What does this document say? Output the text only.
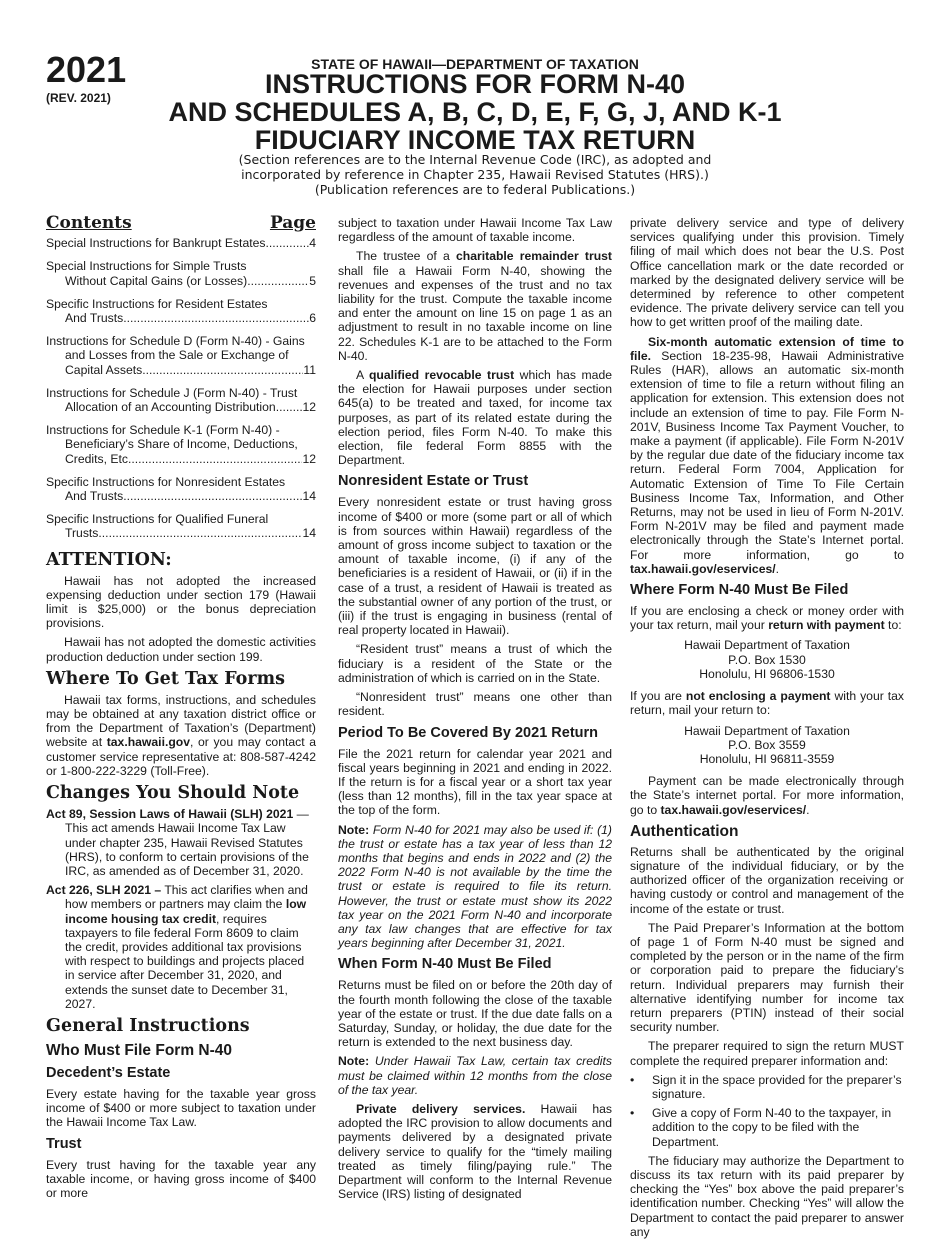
2021
(REV. 2021)
STATE OF HAWAII—DEPARTMENT OF TAXATION
INSTRUCTIONS FOR FORM N-40
AND SCHEDULES A, B, C, D, E, F, G, J, AND K-1
FIDUCIARY INCOME TAX RETURN
(Section references are to the Internal Revenue Code (IRC), as adopted and
incorporated by reference in Chapter 235, Hawaii Revised Statutes (HRS).)
(Publication references are to federal Publications.)
Contents	Page
Special Instructions for Bankrupt Estates .....	4
Special Instructions for Simple Trusts
Without Capital Gains (or Losses) .....	5
Specific Instructions for Resident Estates
And Trusts .....	6
Instructions for Schedule D (Form N-40) - Gains
and Losses from the Sale or Exchange of
Capital Assets .....	11
Instructions for Schedule J (Form N-40) - Trust
Allocation of an Accounting Distribution ..... 12
Instructions for Schedule K-1 (Form N-40) -
Beneficiary’s Share of Income, Deductions,
Credits, Etc. .....	12
Specific Instructions for Nonresident Estates
And Trusts .....	14
Specific Instructions for Qualified Funeral
Trusts .....	14
ATTENTION:

Hawaii has not adopted the increased expensing deduction under section 179 (Hawaii limit is $25,000) or the bonus depreciation provisions.

Hawaii has not adopted the domestic activities production deduction under section 199.

Where To Get Tax Forms

Hawaii tax forms, instructions, and schedules may be obtained at any taxation district office or from the Department of Taxation’s (Department) website at tax.hawaii.gov, or you may contact a customer service representative at: 808-587-4242 or 1-800-222-3229 (Toll-Free).

Changes You Should Note

Act 89, Session Laws of Hawaii (SLH) 2021 — This act amends Hawaii Income Tax Law under chapter 235, Hawaii Revised Statutes (HRS), to conform to certain provisions of the IRC, as amended as of December 31, 2020.

Act 226, SLH 2021 – This act clarifies when and how members or partners may claim the low income housing tax credit, requires taxpayers to file federal Form 8609 to claim the credit, provides additional tax provisions with respect to buildings and projects placed in service after December 31, 2020, and extends the sunset date to December 31, 2027.

General Instructions
Who Must File Form N-40
Decedent’s Estate

Every estate having for the taxable year gross income of $400 or more subject to taxation under the Hawaii Income Tax Law.

Trust

Every trust having for the taxable year any taxable income, or having gross income of $400 or more

subject to taxation under Hawaii Income Tax Law regardless of the amount of taxable income.

The trustee of a charitable remainder trust shall file a Hawaii Form N-40, showing the revenues and expenses of the trust and no tax liability for the trust. Compute the taxable income and enter the amount on line 15 on page 1 as an adjustment to result in no taxable income on line 22. Schedules K-1 are to be attached to the Form N-40.

A qualified revocable trust which has made the election for Hawaii purposes under section 645(a) to be treated and taxed, for income tax purposes, as part of its related estate during the election period, files Form N-40. To make this election, file federal Form 8855 with the Department.

Nonresident Estate or Trust

Every nonresident estate or trust having gross income of $400 or more (some part or all of which is from sources within Hawaii) regardless of the amount of gross income subject to taxation or the amount of taxable income, (i) if any of the beneficiaries is a resident of Hawaii, or (ii) if in the case of a trust, a resident of Hawaii is treated as the substantial owner of any portion of the trust, or (iii) if the trust is engaging in business (rental of real property located in Hawaii).

“Resident trust” means a trust of which the fiduciary is a resident of the State or the administration of which is carried on in the State.

“Nonresident trust” means one other than resident.

Period To Be Covered By 2021 Return

File the 2021 return for calendar year 2021 and fiscal years beginning in 2021 and ending in 2022. If the return is for a fiscal year or a short tax year (less than 12 months), fill in the tax year space at the top of the form.

Note: Form N-40 for 2021 may also be used if: (1) the trust or estate has a tax year of less than 12 months that begins and ends in 2022 and (2) the 2022 Form N-40 is not available by the time the trust or estate is required to file its return. However, the trust or estate must show its 2022 tax year on the 2021 Form N-40 and incorporate any tax law changes that are effective for tax years beginning after December 31, 2021.

When Form N-40 Must Be Filed

Returns must be filed on or before the 20th day of the fourth month following the close of the taxable year of the estate or trust. If the due date falls on a Saturday, Sunday, or holiday, the due date for the return is extended to the next business day.

Note: Under Hawaii Tax Law, certain tax credits must be claimed within 12 months from the close of the tax year.

Private delivery services. Hawaii has adopted the IRC provision to allow documents and payments delivered by a designated private delivery service to qualify for the “timely mailing treated as timely filing/paying rule.” The Department will conform to the Internal Revenue Service (IRS) listing of designated

private delivery service and type of delivery services qualifying under this provision. Timely filing of mail which does not bear the U.S. Post Office cancellation mark or the date recorded or marked by the designated delivery service will be determined by reference to other competent evidence. The private delivery service can tell you how to get written proof of the mailing date.

Six-month automatic extension of time to file. Section 18-235-98, Hawaii Administrative Rules (HAR), allows an automatic six-month extension of time to file a return without filing an application for extension. This extension does not include an extension of time to pay. File Form N-201V, Business Income Tax Payment Voucher, to make a payment (if applicable). File Form N-201V by the regular due date of the fiduciary income tax return. Federal Form 7004, Application for Automatic Extension of Time To File Certain Business Income Tax, Information, and Other Returns, may not be used in lieu of Form N-201V. Form N-201V may be filed and payment made electronically through the State’s Internet portal. For more information, go to tax.hawaii.gov/eservices/.

Where Form N-40 Must Be Filed

If you are enclosing a check or money order with your tax return, mail your return with payment to:

Hawaii Department of Taxation
P.O. Box 1530
Honolulu, HI 96806-1530

If you are not enclosing a payment with your tax return, mail your return to:

Hawaii Department of Taxation
P.O. Box 3559
Honolulu, HI 96811-3559

Payment can be made electronically through the State’s internet portal. For more information, go to tax.hawaii.gov/eservices/.

Authentication

Returns shall be authenticated by the original signature of the individual fiduciary, or by the authorized officer of the organization receiving or having custody or control and management of the income of the estate or trust.

The Paid Preparer’s Information at the bottom of page 1 of Form N-40 must be signed and completed by the person or in the name of the firm or corporation paid to prepare the fiduciary’s return. Individual preparers may furnish their alternative identifying number for income tax return preparers (PTIN) instead of their social security number.

The preparer required to sign the return MUST complete the required preparer information and:

•	Sign it in the space provided for the preparer’s signature.
•	Give a copy of Form N-40 to the taxpayer, in addition to the copy to be filed with the Department.

The fiduciary may authorize the Department to discuss its tax return with its paid preparer by checking the “Yes” box above the paid preparer’s identification number. Checking “Yes” will allow the Department to contact the paid preparer to answer any
